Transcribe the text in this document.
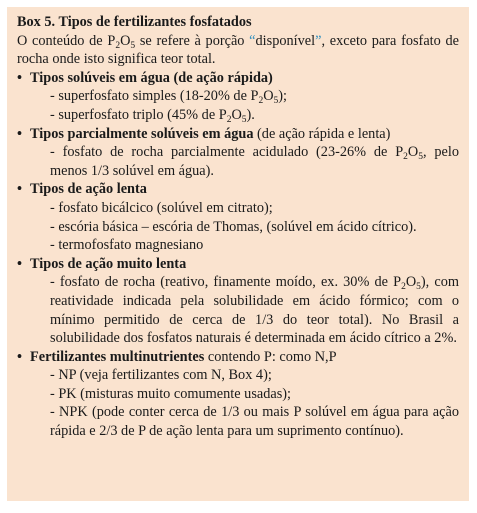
Box 5. Tipos de fertilizantes fosfatados
O conteúdo de $P_2O_5$ se refere à porção “disponível”, exceto para fosfato de rocha onde isto significa teor total.
• Tipos solúveis em água (de ação rápida)
- superfosfato simples (18-20% de $P_2O_5$);
- superfosfato triplo (45% de $P_2O_5$).
• Tipos parcialmente solúveis em água (de ação rápida e lenta)
- fosfato de rocha parcialmente acidulado (23-26% de $P_2O_5$, pelo menos 1/3 solúvel em água).
• Tipos de ação lenta
- fosfato bicálcico (solúvel em citrato);
- escória básica – escória de Thomas, (solúvel em ácido cítrico).
- termofosfato magnesiano
• Tipos de ação muito lenta
- fosfato de rocha (reativo, finamente moído, ex. 30% de $P_2O_5$), com reatividade indicada pela solubilidade em ácido fórmico; com o mínimo permitido de cerca de 1/3 do teor total). No Brasil a solubilidade dos fosfatos naturais é determinada em ácido cítrico a 2%.
• Fertilizantes multinutrientes contendo P: como N,P
- NP (veja fertilizantes com N, Box 4);
- PK (misturas muito comumente usadas);
- NPK (pode conter cerca de 1/3 ou mais P solúvel em água para ação rápida e 2/3 de P de ação lenta para um suprimento contínuo).
